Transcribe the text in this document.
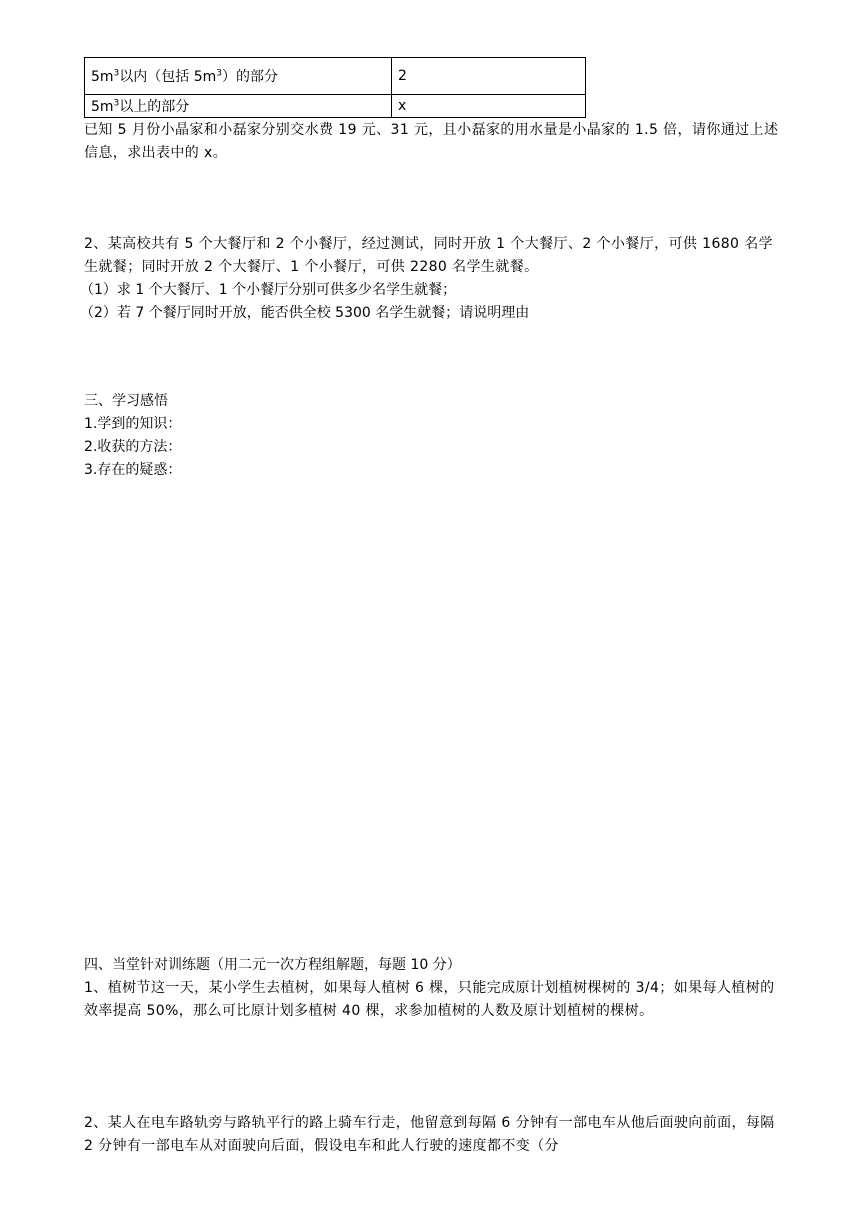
$5m^3$以内（包括 $5m^3$）的部分	2
$5m^3$以上的部分	x
已知 5 月份小晶家和小磊家分别交水费 19 元、31 元，且小磊家的用水量是小晶家的 1.5 倍，请你通过上述信息，求出表中的 x。
2、某高校共有 5 个大餐厅和 2 个小餐厅，经过测试，同时开放 1 个大餐厅、2 个小餐厅，可供 1680 名学生就餐；同时开放 2 个大餐厅、1 个小餐厅，可供 2280 名学生就餐。
（1）求 1 个大餐厅、1 个小餐厅分别可供多少名学生就餐；
（2）若 7 个餐厅同时开放，能否供全校 5300 名学生就餐；请说明理由
三、学习感悟
1.学到的知识：
2.收获的方法：
3.存在的疑惑：
四、当堂针对训练题（用二元一次方程组解题，每题 10 分）
1、植树节这一天，某小学生去植树，如果每人植树 6 棵，只能完成原计划植树棵树的 3/4；如果每人植树的效率提高 50%，那么可比原计划多植树 40 棵，求参加植树的人数及原计划植树的棵树。
2、某人在电车路轨旁与路轨平行的路上骑车行走，他留意到每隔 6 分钟有一部电车从他后面驶向前面，每隔 2 分钟有一部电车从对面驶向后面，假设电车和此人行驶的速度都不变（分
